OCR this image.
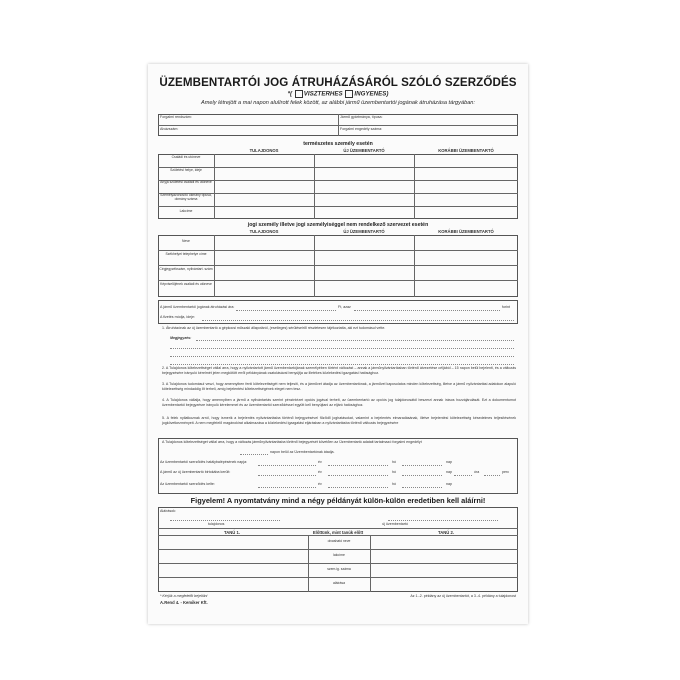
ÜZEMBENTARTÓI JOG ÁTRUHÁZÁSÁRÓL SZÓLÓ SZERZŐDÉS
*( VISZTERHES INGYENES)
Amely létrejött a mai napon alulírott felek között, az alábbi jármű üzembentartói jogának átruházása tárgyában:
Forgalmi rendszám:	Jármű gyártmánya, típusa:
Alvázszám:	Forgalmi engedély száma:
természetes személy esetén
TULAJDONOS	ÚJ ÜZEMBENTARTÓ	KORÁBBI ÜZEMBENTARTÓ
Családi és utóneve
Születési helye, ideje
Anyja születési családi és utóneve
Személyazonosító okmány típusa, okmány száma
Lakcíme
jogi személy illetve jogi személyiséggel nem rendelkező szervezet esetén
TULAJDONOS	ÚJ ÜZEMBENTARTÓ	KORÁBBI ÜZEMBENTARTÓ
Neve
Székhelyei telephelye címe
Cégjegyzékszám, nyilvántart. szám
Képviselőjének családi és utóneve
A jármű üzembentartói jogának átruházási ára:	Ft, azaz	forint
A fizetés módja, ideje:
1. Átruházónak az új üzembentartó a gépkocsi műszaki állapotáról, (esetleges) sérüléseiről részletesen tájékoztatta, aki ezt tudomásul vette.
Megjegyzés:
2. A Tulajdonos kötelezettséget vállal arra, hogy a nyilvántartott jármű üzembentartójának személyében történt változást – annak a járműnyilvántartásban történő átvezetése céljából – 15 napon belül bejelenti, és a változás bejegyzésére irányuló kérelmét jelen megkötött erről példányának csatolásával benyújtja az illetékes közlekedési igazgatási hatósághoz.
3. A Tulajdonos tudomásul veszi, hogy amennyiben fenti kötelezettségét nem teljesíti, és a járművet átadja az üzembentartónak, a járművel kapcsolatos minden kötelezettség, illetve a jármű nyilvántartási adatokon alapuló kötelezettség mindaddig őt terheli, amíg bejelentési kötelezettségének eleget nem tesz.
4. A Tulajdonos vállalja, hogy amennyiben a jármű a nyilvántartás szerint pénzintézet opciós jogával terhelt, az üzembentartó az opciós jog tulajdonosától beszerzi annak írásos hozzájárulását. Ezt a dokumentumot üzembentartói bejegyzésre irányuló kérelemmel és az üzembentartói szerződéssel együtt kell benyújtani az eljáró hatósághoz.
5. A felek nyilatkoznak arról, hogy ismerik a bejelentés nyilvántartásba történő bejegyzésével fűződő joghatásokat, valamint a bejelentés elmaradásának, illetve bejelentési kötelezettség késedelmes teljesítésének jogkövetkezményeit. A nem megfelelő magánokirat alkalmazása a közlekedési igazgatási eljárásban a nyilvántartásba történő változás bejegyzésére
A Tulajdonos kötelezettséget vállal arra, hogy a változás járműnyilvántartásba történő bejegyzését követően az Üzembentartó adatait tartalmazó forgalmi engedélyt
napon belül az Üzembentartónak átadja.
Az üzembentartói szerződés hatálybalépésének napja:	év	hó	nap
A jármű az új üzembentartó birtokába került:	év	hó	nap	óra	perc
Az üzembentartói szerződés kelte:	év	hó	nap
Figyelem! A nyomtatvány mind a négy példányát külön-külön eredetiben kell aláírni!
Aláírások:
tulajdonos	új üzembentartó
TANÚ 1.	Előttünk, mint tanúk előtt	TANÚ 2.
olvasható neve
lakcíme
szem.ig. száma
aláírása
* Kérjük a megfelelőt bejelölni
A.Rend 4. - Kemiker Kft.
Az 1.-2. példány az új üzembentartót, a 3.-4. példány a tulajdonost
